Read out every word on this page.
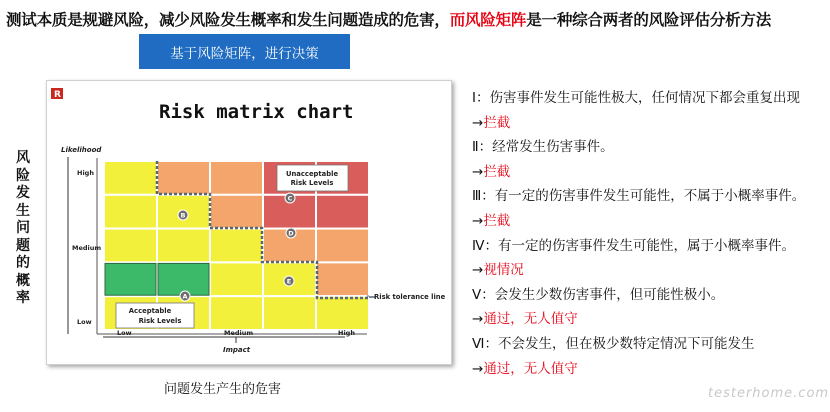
测试本质是规避风险，减少风险发生概率和发生问题造成的危害，而风险矩阵是一种综合两者的风险评估分析方法
基于风险矩阵，进行决策
风险发生问题的概率
R
Risk matrix chart
Likelihood
Impact
High
Medium
Low
Low	Medium	High
Unacceptable
Risk Levels
Acceptable
Risk Levels
Risk tolerance line
A
B
C
D
E
Ⅰ：伤害事件发生可能性极大，任何情况下都会重复出现
→拦截
Ⅱ：经常发生伤害事件。
→拦截
Ⅲ：有一定的伤害事件发生可能性，不属于小概率事件。
→拦截
Ⅳ：有一定的伤害事件发生可能性，属于小概率事件。
→视情况
Ⅴ：会发生少数伤害事件，但可能性极小。
→通过，无人值守
Ⅵ：不会发生，但在极少数特定情况下可能发生
→通过，无人值守
问题发生产生的危害	testerhome.com
